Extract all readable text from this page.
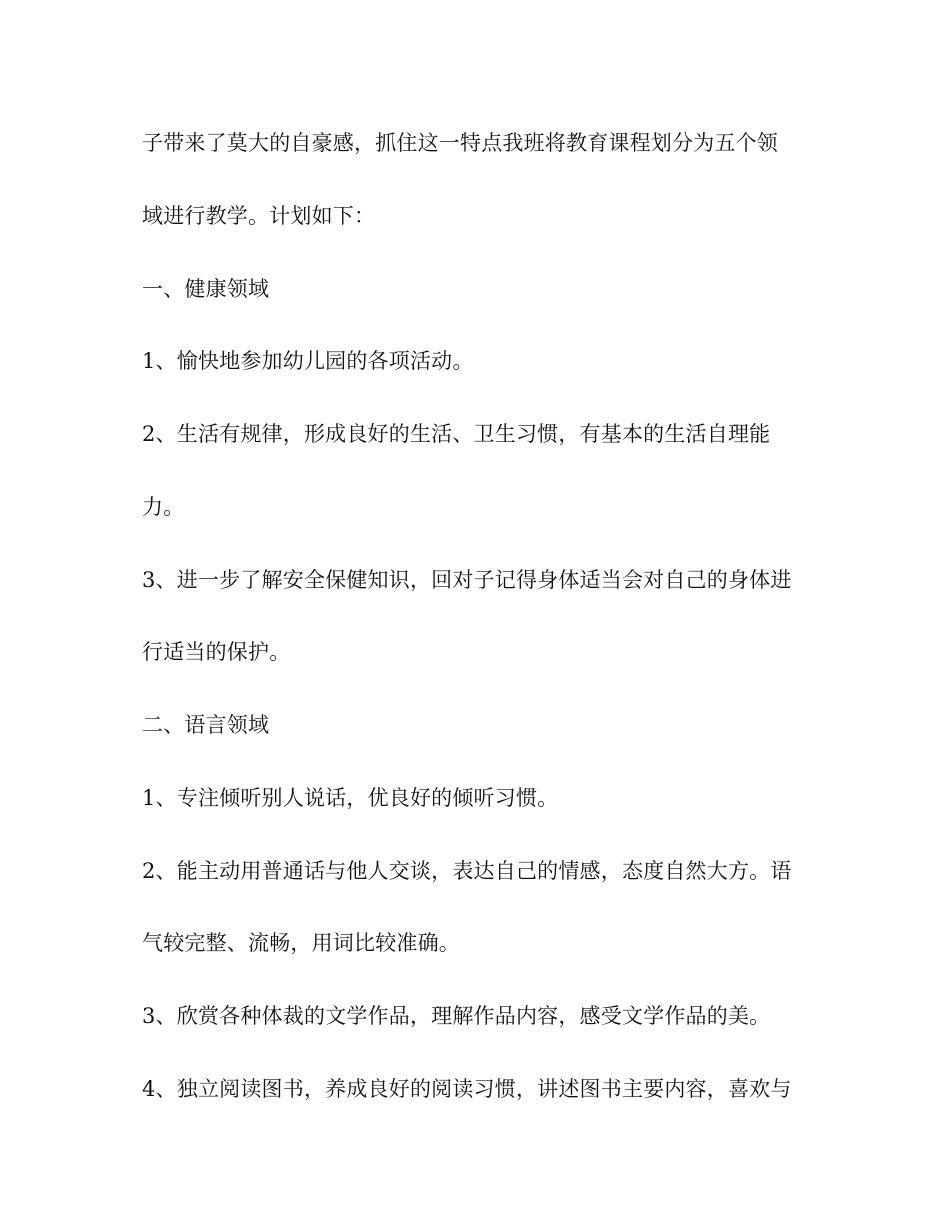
子带来了莫大的自豪感，抓住这一特点我班将教育课程划分为五个领
域进行教学。计划如下：
一、健康领域
1、愉快地参加幼儿园的各项活动。
2、生活有规律，形成良好的生活、卫生习惯，有基本的生活自理能
力。
3、进一步了解安全保健知识，回对子记得身体适当会对自己的身体进
行适当的保护。
二、语言领域
1、专注倾听别人说话，优良好的倾听习惯。
2、能主动用普通话与他人交谈，表达自己的情感，态度自然大方。语
气较完整、流畅，用词比较准确。
3、欣赏各种体裁的文学作品，理解作品内容，感受文学作品的美。
4、独立阅读图书，养成良好的阅读习惯，讲述图书主要内容，喜欢与
